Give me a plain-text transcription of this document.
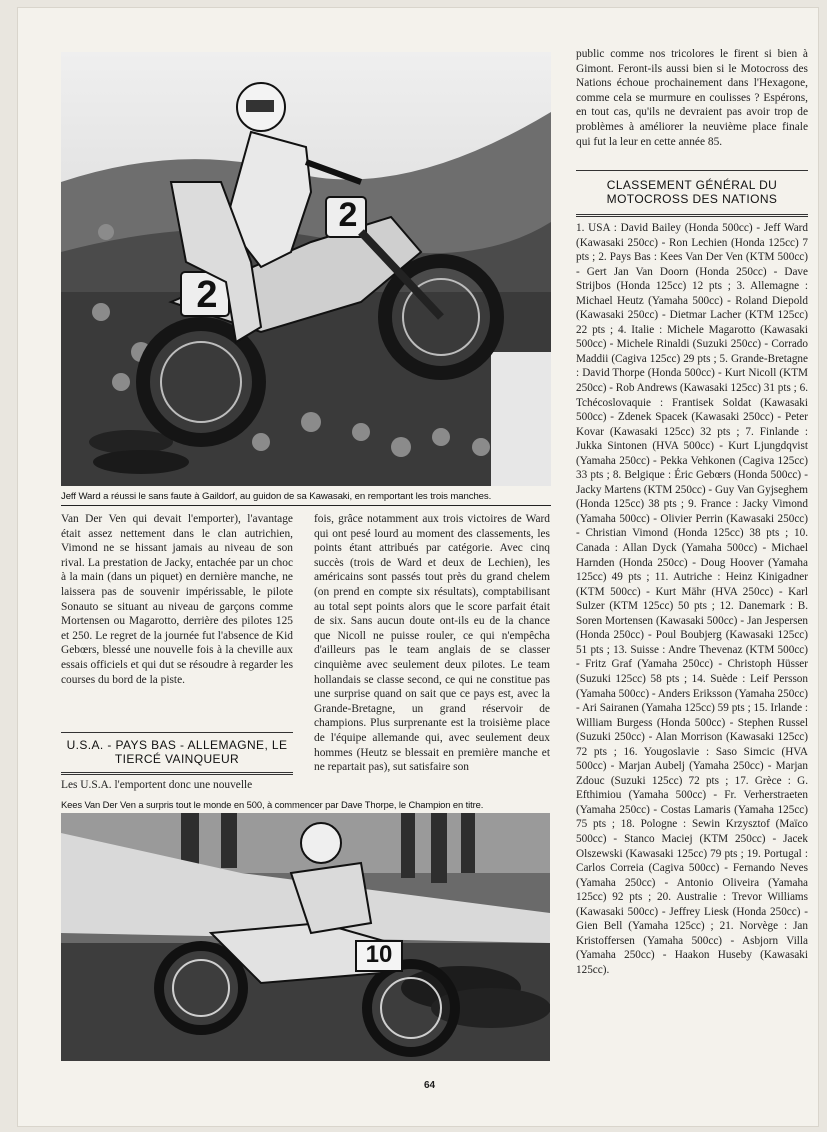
2
2
Jeff Ward a réussi le sans faute à Gaildorf, au guidon de sa Kawasaki, en remportant les trois manches.

Van Der Ven qui devait l'emporter), l'avantage était assez nettement dans le clan autrichien, Vimond ne se hissant jamais au niveau de son rival. La prestation de Jacky, entachée par un choc à la main (dans un piquet) en dernière manche, ne laissera pas de souvenir impérissable, le pilote Sonauto se situant au niveau de garçons comme Mortensen ou Magarotto, derrière des pilotes 125 et 250. Le regret de la journée fut l'absence de Kid Gebœrs, blessé une nouvelle fois à la cheville aux essais officiels et qui dut se résoudre à regarder les courses du bord de la piste.

U.S.A. - PAYS BAS - ALLEMAGNE, LE TIERCÉ VAINQUEUR

Les U.S.A. l'emportent donc une nouvelle

fois, grâce notamment aux trois victoires de Ward qui ont pesé lourd au moment des classements, les points étant attribués par catégorie. Avec cinq succès (trois de Ward et deux de Lechien), les américains sont passés tout près du grand chelem (on prend en compte six résultats), comptabilisant au total sept points alors que le score parfait était de six. Sans aucun doute ont-ils eu de la chance que Nicoll ne puisse rouler, ce qui n'empêcha d'ailleurs pas le team anglais de se classer cinquième avec seulement deux pilotes. Le team hollandais se classe second, ce qui ne constitue pas une surprise quand on sait que ce pays est, avec la Grande-Bretagne, un grand réservoir de champions. Plus surprenante est la troisième place de l'équipe allemande qui, avec seulement deux hommes (Heutz se blessait en première manche et ne repartait pas), sut satisfaire son

Kees Van Der Ven a surpris tout le monde en 500, à commencer par Dave Thorpe, le Champion en titre.
10

public comme nos tricolores le firent si bien à Gimont. Feront-ils aussi bien si le Motocross des Nations échoue prochainement dans l'Hexagone, comme cela se murmure en coulisses ? Espérons, en tout cas, qu'ils ne devraient pas avoir trop de problèmes à améliorer la neuvième place finale qui fut la leur en cette année 85.

CLASSEMENT GÉNÉRAL DU MOTOCROSS DES NATIONS

1. USA : David Bailey (Honda 500cc) - Jeff Ward (Kawasaki 250cc) - Ron Lechien (Honda 125cc) 7 pts ; 2. Pays Bas : Kees Van Der Ven (KTM 500cc) - Gert Jan Van Doorn (Honda 250cc) - Dave Strijbos (Honda 125cc) 12 pts ; 3. Allemagne : Michael Heutz (Yamaha 500cc) - Roland Diepold (Kawasaki 250cc) - Dietmar Lacher (KTM 125cc) 22 pts ; 4. Italie : Michele Magarotto (Kawasaki 500cc) - Michele Rinaldi (Suzuki 250cc) - Corrado Maddii (Cagiva 125cc) 29 pts ; 5. Grande-Bretagne : David Thorpe (Honda 500cc) - Kurt Nicoll (KTM 250cc) - Rob Andrews (Kawasaki 125cc) 31 pts ; 6. Tchécoslovaquie : Frantisek Soldat (Kawasaki 500cc) - Zdenek Spacek (Kawasaki 250cc) - Peter Kovar (Kawasaki 125cc) 32 pts ; 7. Finlande : Jukka Sintonen (HVA 500cc) - Kurt Ljungdqvist (Yamaha 250cc) - Pekka Vehkonen (Cagiva 125cc) 33 pts ; 8. Belgique : Éric Gebœrs (Honda 500cc) - Jacky Martens (KTM 250cc) - Guy Van Gyjseghem (Honda 125cc) 38 pts ; 9. France : Jacky Vimond (Yamaha 500cc) - Olivier Perrin (Kawasaki 250cc) - Christian Vimond (Honda 125cc) 38 pts ; 10. Canada : Allan Dyck (Yamaha 500cc) - Michael Harnden (Honda 250cc) - Doug Hoover (Yamaha 125cc) 49 pts ; 11. Autriche : Heinz Kinigadner (KTM 500cc) - Kurt Mähr (HVA 250cc) - Karl Sulzer (KTM 125cc) 50 pts ; 12. Danemark : B. Soren Mortensen (Kawasaki 500cc) - Jan Jespersen (Honda 250cc) - Poul Boubjerg (Kawasaki 125cc) 51 pts ; 13. Suisse : Andre Thevenaz (KTM 500cc) - Fritz Graf (Yamaha 250cc) - Christoph Hüsser (Suzuki 125cc) 58 pts ; 14. Suède : Leif Persson (Yamaha 500cc) - Anders Eriksson (Yamaha 250cc) - Ari Sairanen (Yamaha 125cc) 59 pts ; 15. Irlande : William Burgess (Honda 500cc) - Stephen Russel (Suzuki 250cc) - Alan Morrison (Kawasaki 125cc) 72 pts ; 16. Yougoslavie : Saso Simcic (HVA 500cc) - Marjan Aubelj (Yamaha 250cc) - Marjan Zdouc (Suzuki 125cc) 72 pts ; 17. Grèce : G. Efthimiou (Yamaha 500cc) - Fr. Verherstraeten (Yamaha 250cc) - Costas Lamaris (Yamaha 125cc) 75 pts ; 18. Pologne : Sewin Krzysztof (Maïco 500cc) - Stanco Maciej (KTM 250cc) - Jacek Olszewski (Kawasaki 125cc) 79 pts ; 19. Portugal : Carlos Correia (Cagiva 500cc) - Fernando Neves (Yamaha 250cc) - Antonio Oliveira (Yamaha 125cc) 92 pts ; 20. Australie : Trevor Williams (Kawasaki 500cc) - Jeffrey Liesk (Honda 250cc) - Gien Bell (Yamaha 125cc) ; 21. Norvège : Jan Kristoffersen (Yamaha 500cc) - Asbjorn Villa (Yamaha 250cc) - Haakon Huseby (Kawasaki 125cc).

64
